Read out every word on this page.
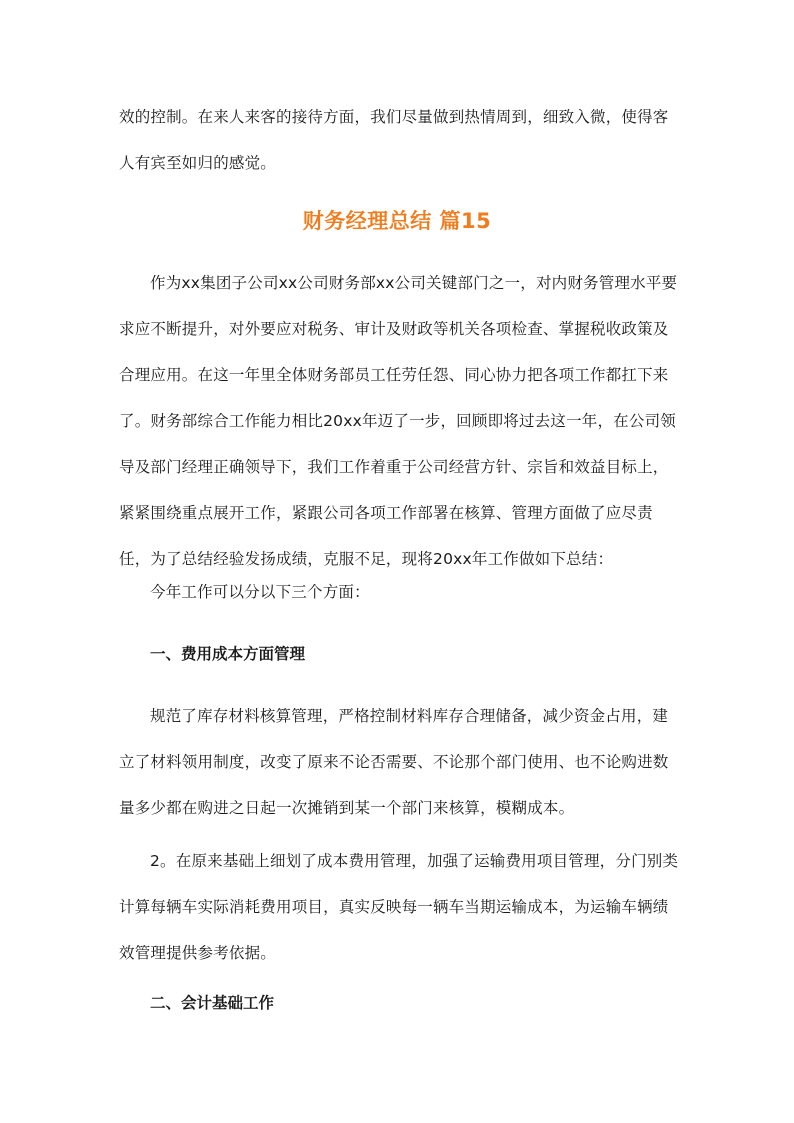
效的控制。在来人来客的接待方面，我们尽量做到热情周到，细致入微，使得客人有宾至如归的感觉。

财务经理总结 篇15

作为xx集团子公司xx公司财务部xx公司关键部门之一，对内财务管理水平要求应不断提升，对外要应对税务、审计及财政等机关各项检查、掌握税收政策及合理应用。在这一年里全体财务部员工任劳任怨、同心协力把各项工作都扛下来了。财务部综合工作能力相比20xx年迈了一步，回顾即将过去这一年，在公司领导及部门经理正确领导下，我们工作着重于公司经营方针、宗旨和效益目标上，紧紧围绕重点展开工作，紧跟公司各项工作部署在核算、管理方面做了应尽责任，为了总结经验发扬成绩，克服不足，现将20xx年工作做如下总结：

今年工作可以分以下三个方面：

一、费用成本方面管理

规范了库存材料核算管理，严格控制材料库存合理储备，减少资金占用，建立了材料领用制度，改变了原来不论否需要、不论那个部门使用、也不论购进数量多少都在购进之日起一次摊销到某一个部门来核算，模糊成本。

2。在原来基础上细划了成本费用管理，加强了运输费用项目管理，分门别类计算每辆车实际消耗费用项目，真实反映每一辆车当期运输成本，为运输车辆绩效管理提供参考依据。

二、会计基础工作
